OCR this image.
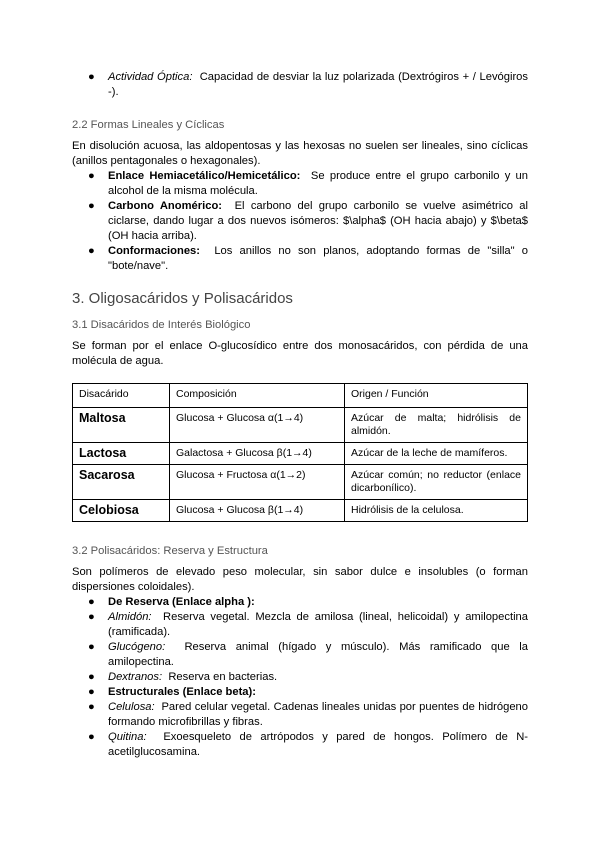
● Actividad Óptica: Capacidad de desviar la luz polarizada (Dextrógiros + / Levógiros -).
2.2 Formas Lineales y Cíclicas

En disolución acuosa, las aldopentosas y las hexosas no suelen ser lineales, sino cíclicas (anillos pentagonales o hexagonales).

● Enlace Hemiacetálico/Hemicetálico: Se produce entre el grupo carbonilo y un alcohol de la misma molécula.
● Carbono Anomérico: El carbono del grupo carbonilo se vuelve asimétrico al ciclarse, dando lugar a dos nuevos isómeros: $\alpha$ (OH hacia abajo) y $\beta$ (OH hacia arriba).
● Conformaciones: Los anillos no son planos, adoptando formas de "silla" o "bote/nave".
3. Oligosacáridos y Polisacáridos
3.1 Disacáridos de Interés Biológico

Se forman por el enlace O-glucosídico entre dos monosacáridos, con pérdida de una molécula de agua.

Disacárido	Composición	Origen / Función
Maltosa	Glucosa + Glucosa α(1→4)	Azúcar de malta; hidrólisis de almidón.
Lactosa	Galactosa + Glucosa β(1→4)	Azúcar de la leche de mamíferos.
Sacarosa	Glucosa + Fructosa α(1→2)	Azúcar común; no reductor (enlace dicarbonílico).
Celobiosa	Glucosa + Glucosa β(1→4)	Hidrólisis de la celulosa.
3.2 Polisacáridos: Reserva y Estructura

Son polímeros de elevado peso molecular, sin sabor dulce e insolubles (o forman dispersiones coloidales).

● De Reserva (Enlace alpha ):
● Almidón: Reserva vegetal. Mezcla de amilosa (lineal, helicoidal) y amilopectina (ramificada).
● Glucógeno: Reserva animal (hígado y músculo). Más ramificado que la amilopectina.
● Dextranos: Reserva en bacterias.
● Estructurales (Enlace beta):
● Celulosa: Pared celular vegetal. Cadenas lineales unidas por puentes de hidrógeno formando microfibrillas y fibras.
● Quitina: Exoesqueleto de artrópodos y pared de hongos. Polímero de N-acetilglucosamina.
